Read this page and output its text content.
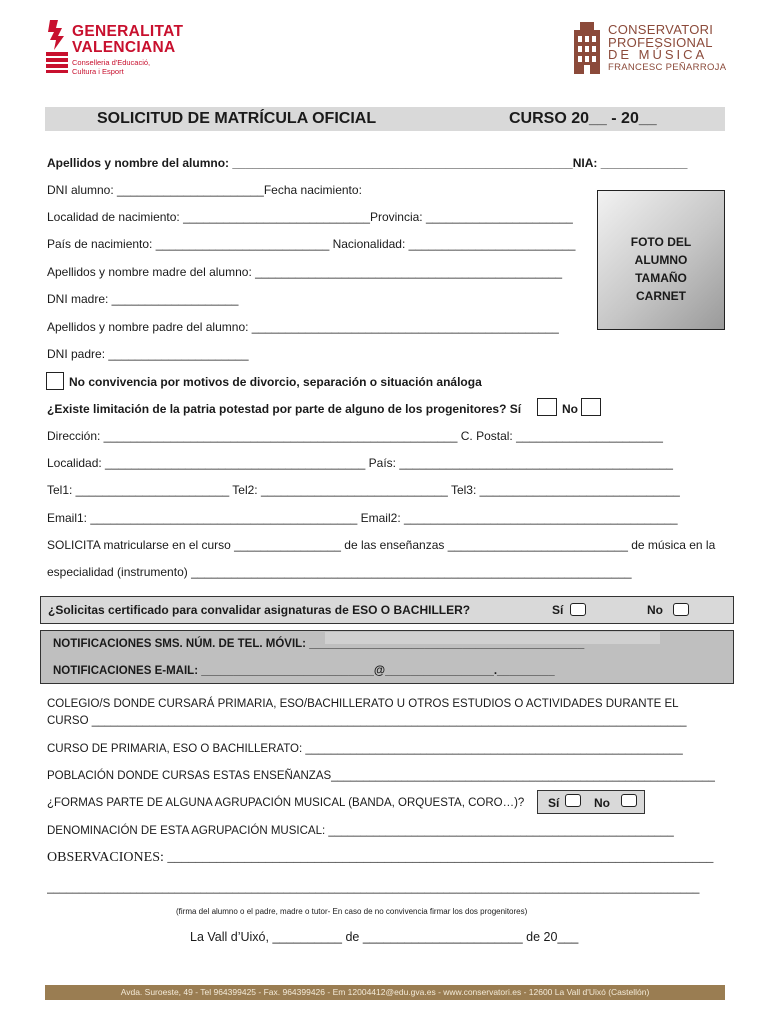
GENERALITAT
VALENCIANA
Conselleria d'Educació,
Cultura i Esport
CONSERVATORI
PROFESSIONAL
DE MÚSICA
FRANCESC PEÑARROJA
SOLICITUD DE MATRÍCULA OFICIAL	CURSO 20__ - 20__
Apellidos y nombre del alumno: ___________________________________________________NIA: _____________
DNI alumno: ______________________Fecha nacimiento:
Localidad de nacimiento: ____________________________Provincia: ______________________
País de nacimiento: __________________________ Nacionalidad: _________________________
Apellidos y nombre madre del alumno: ______________________________________________
DNI madre: ___________________
Apellidos y nombre padre del alumno: ______________________________________________
DNI padre: _____________________
FOTO DEL
ALUMNO
TAMAÑO
CARNET
No convivencia por motivos de divorcio, separación o situación análoga
¿Existe limitación de la patria potestad por parte de alguno de los progenitores? Sí	No
Dirección: _____________________________________________________ C. Postal: ______________________
Localidad: _______________________________________ País: _________________________________________
Tel1: _______________________ Tel2: ____________________________ Tel3: ______________________________
Email1: ________________________________________ Email2: _________________________________________
SOLICITA matricularse en el curso ________________ de las enseñanzas ___________________________ de música en la
especialidad (instrumento) __________________________________________________________________
¿Solicitas certificado para convalidar asignaturas de ESO O BACHILLER?	Sí	No
NOTIFICACIONES SMS. NÚM. DE TEL. MÓVIL: ___________________________________________
NOTIFICACIONES E-MAIL: ___________________________@_________________._________
COLEGIO/S DONDE CURSARÁ PRIMARIA, ESO/BACHILLERATO U OTROS ESTUDIOS O ACTIVIDADES DURANTE EL
CURSO _____________________________________________________________________________________________
CURSO DE PRIMARIA, ESO O BACHILLERATO: ___________________________________________________________
POBLACIÓN DONDE CURSAS ESTAS ENSEÑANZAS____________________________________________________________
¿FORMAS PARTE DE ALGUNA AGRUPACIÓN MUSICAL (BANDA, ORQUESTA, CORO…)? Sí	No
DENOMINACIÓN DE ESTA AGRUPACIÓN MUSICAL: ______________________________________________________
OBSERVACIONES: ______________________________________________________________________________
______________________________________________________________________________________________________
(firma del alumno o el padre, madre o tutor- En caso de no convivencia firmar los dos progenitores)
La Vall d’Uixó, __________ de _______________________ de 20___
Avda. Suroeste, 49 - Tel 964399425 - Fax. 964399426 - Em 12004412@edu.gva.es - www.conservatori.es - 12600 La Vall d'Uixó (Castellón)
